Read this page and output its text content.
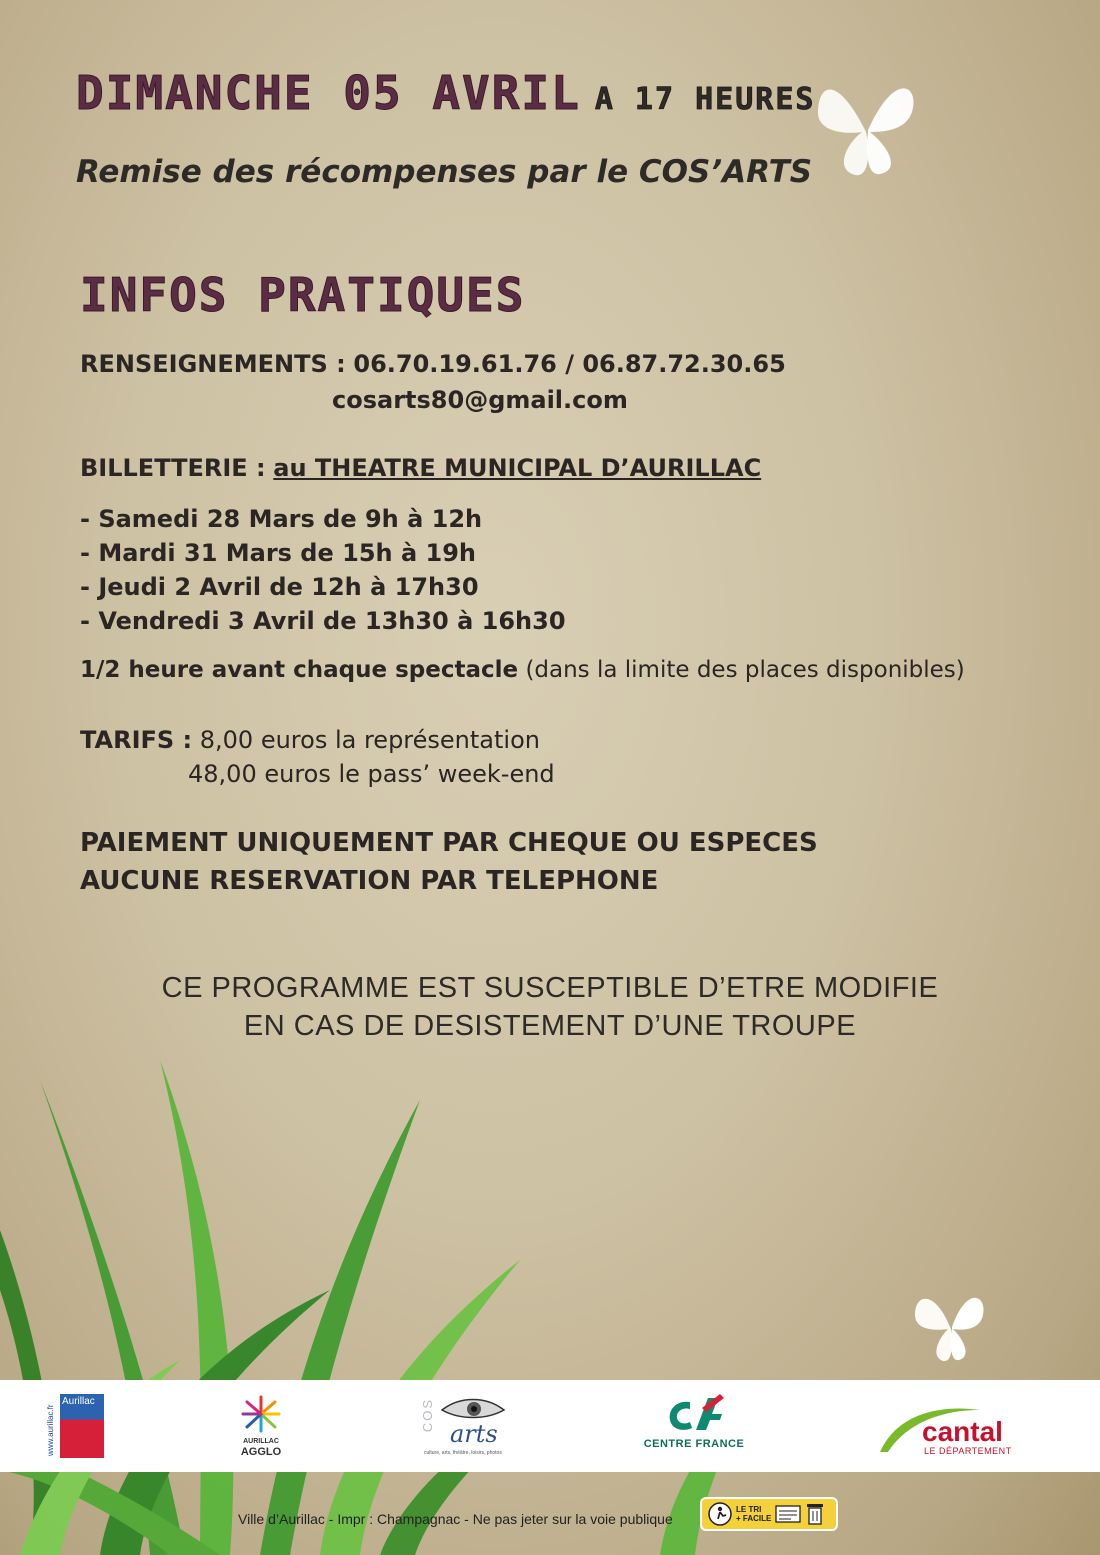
DIMANCHE 05 AVRIL A 17 HEURES
Remise des récompenses par le COS’ARTS
INFOS PRATIQUES
RENSEIGNEMENTS : 06.70.19.61.76 / 06.87.72.30.65
cosarts80@gmail.com
BILLETTERIE : au THEATRE MUNICIPAL D’AURILLAC
- Samedi 28 Mars de 9h à 12h
- Mardi 31 Mars de 15h à 19h
- Jeudi 2 Avril de 12h à 17h30
- Vendredi 3 Avril de 13h30 à 16h30
1/2 heure avant chaque spectacle (dans la limite des places disponibles)
TARIFS : 8,00 euros la représentation
48,00 euros le pass’ week-end
PAIEMENT UNIQUEMENT PAR CHEQUE OU ESPECES
AUCUNE RESERVATION PAR TELEPHONE
CE PROGRAMME EST SUSCEPTIBLE D’ETRE MODIFIE
EN CAS DE DESISTEMENT D’UNE TROUPE
www.aurillac.fr
Aurillac
AURILLAC
AGGLO
COS
arts
culture, arts, théâtre, loisirs, photos
CENTRE FRANCE	cantal
LE DÉPARTEMENT
Ville d’Aurillac - Impr : Champagnac - Ne pas jeter sur la voie publique
LE TRI
+ FACILE
